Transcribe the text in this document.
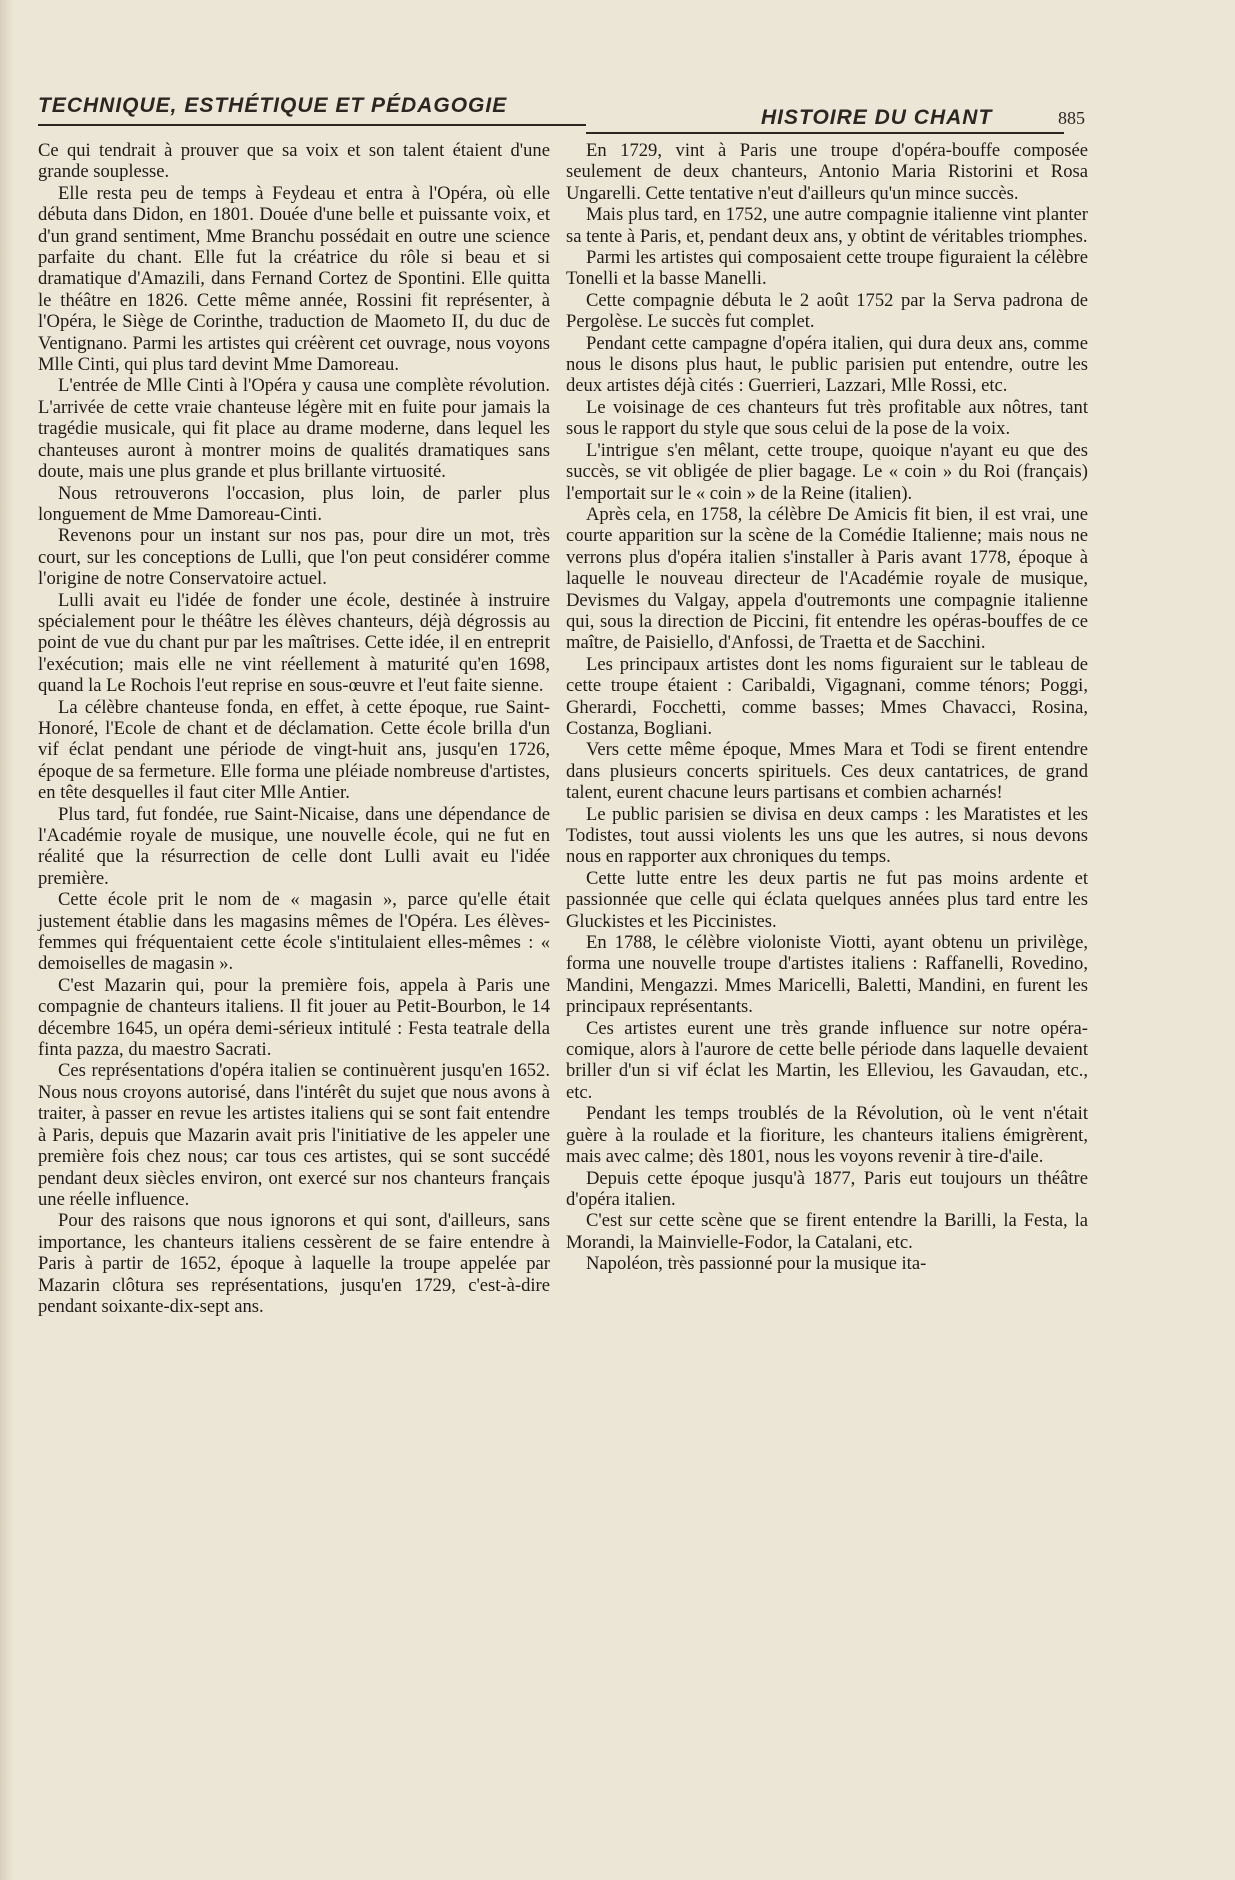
TECHNIQUE, ESTHÉTIQUE ET PÉDAGOGIE
HISTOIRE DU CHANT	885

Ce qui tendrait à prouver que sa voix et son talent étaient d'une grande souplesse.

Elle resta peu de temps à Feydeau et entra à l'Opéra, où elle débuta dans Didon, en 1801. Douée d'une belle et puissante voix, et d'un grand sentiment, Mme Branchu possédait en outre une science parfaite du chant. Elle fut la créatrice du rôle si beau et si dramatique d'Amazili, dans Fernand Cortez de Spontini. Elle quitta le théâtre en 1826. Cette même année, Rossini fit représenter, à l'Opéra, le Siège de Corinthe, traduction de Maometo II, du duc de Ventignano. Parmi les artistes qui créèrent cet ouvrage, nous voyons Mlle Cinti, qui plus tard devint Mme Damoreau.

L'entrée de Mlle Cinti à l'Opéra y causa une complète révolution. L'arrivée de cette vraie chanteuse légère mit en fuite pour jamais la tragédie musicale, qui fit place au drame moderne, dans lequel les chanteuses auront à montrer moins de qualités dramatiques sans doute, mais une plus grande et plus brillante virtuosité.

Nous retrouverons l'occasion, plus loin, de parler plus longuement de Mme Damoreau-Cinti.

Revenons pour un instant sur nos pas, pour dire un mot, très court, sur les conceptions de Lulli, que l'on peut considérer comme l'origine de notre Conservatoire actuel.

Lulli avait eu l'idée de fonder une école, destinée à instruire spécialement pour le théâtre les élèves chanteurs, déjà dégrossis au point de vue du chant pur par les maîtrises. Cette idée, il en entreprit l'exécution; mais elle ne vint réellement à maturité qu'en 1698, quand la Le Rochois l'eut reprise en sous-œuvre et l'eut faite sienne.

La célèbre chanteuse fonda, en effet, à cette époque, rue Saint-Honoré, l'Ecole de chant et de déclamation. Cette école brilla d'un vif éclat pendant une période de vingt-huit ans, jusqu'en 1726, époque de sa fermeture. Elle forma une pléiade nombreuse d'artistes, en tête desquelles il faut citer Mlle Antier.

Plus tard, fut fondée, rue Saint-Nicaise, dans une dépendance de l'Académie royale de musique, une nouvelle école, qui ne fut en réalité que la résurrection de celle dont Lulli avait eu l'idée première.

Cette école prit le nom de « magasin », parce qu'elle était justement établie dans les magasins mêmes de l'Opéra. Les élèves-femmes qui fréquentaient cette école s'intitulaient elles-mêmes : « demoiselles de magasin ».

C'est Mazarin qui, pour la première fois, appela à Paris une compagnie de chanteurs italiens. Il fit jouer au Petit-Bourbon, le 14 décembre 1645, un opéra demi-sérieux intitulé : Festa teatrale della finta pazza, du maestro Sacrati.

Ces représentations d'opéra italien se continuèrent jusqu'en 1652. Nous nous croyons autorisé, dans l'intérêt du sujet que nous avons à traiter, à passer en revue les artistes italiens qui se sont fait entendre à Paris, depuis que Mazarin avait pris l'initiative de les appeler une première fois chez nous; car tous ces artistes, qui se sont succédé pendant deux siècles environ, ont exercé sur nos chanteurs français une réelle influence.

Pour des raisons que nous ignorons et qui sont, d'ailleurs, sans importance, les chanteurs italiens cessèrent de se faire entendre à Paris à partir de 1652, époque à laquelle la troupe appelée par Mazarin clôtura ses représentations, jusqu'en 1729, c'est-à-dire pendant soixante-dix-sept ans.

En 1729, vint à Paris une troupe d'opéra-bouffe composée seulement de deux chanteurs, Antonio Maria Ristorini et Rosa Ungarelli. Cette tentative n'eut d'ailleurs qu'un mince succès.

Mais plus tard, en 1752, une autre compagnie italienne vint planter sa tente à Paris, et, pendant deux ans, y obtint de véritables triomphes.

Parmi les artistes qui composaient cette troupe figuraient la célèbre Tonelli et la basse Manelli.

Cette compagnie débuta le 2 août 1752 par la Serva padrona de Pergolèse. Le succès fut complet.

Pendant cette campagne d'opéra italien, qui dura deux ans, comme nous le disons plus haut, le public parisien put entendre, outre les deux artistes déjà cités : Guerrieri, Lazzari, Mlle Rossi, etc.

Le voisinage de ces chanteurs fut très profitable aux nôtres, tant sous le rapport du style que sous celui de la pose de la voix.

L'intrigue s'en mêlant, cette troupe, quoique n'ayant eu que des succès, se vit obligée de plier bagage. Le « coin » du Roi (français) l'emportait sur le « coin » de la Reine (italien).

Après cela, en 1758, la célèbre De Amicis fit bien, il est vrai, une courte apparition sur la scène de la Comédie Italienne; mais nous ne verrons plus d'opéra italien s'installer à Paris avant 1778, époque à laquelle le nouveau directeur de l'Académie royale de musique, Devismes du Valgay, appela d'outremonts une compagnie italienne qui, sous la direction de Piccini, fit entendre les opéras-bouffes de ce maître, de Paisiello, d'Anfossi, de Traetta et de Sacchini.

Les principaux artistes dont les noms figuraient sur le tableau de cette troupe étaient : Caribaldi, Vigagnani, comme ténors; Poggi, Gherardi, Focchetti, comme basses; Mmes Chavacci, Rosina, Costanza, Bogliani.

Vers cette même époque, Mmes Mara et Todi se firent entendre dans plusieurs concerts spirituels. Ces deux cantatrices, de grand talent, eurent chacune leurs partisans et combien acharnés!

Le public parisien se divisa en deux camps : les Maratistes et les Todistes, tout aussi violents les uns que les autres, si nous devons nous en rapporter aux chroniques du temps.

Cette lutte entre les deux partis ne fut pas moins ardente et passionnée que celle qui éclata quelques années plus tard entre les Gluckistes et les Piccinistes.

En 1788, le célèbre violoniste Viotti, ayant obtenu un privilège, forma une nouvelle troupe d'artistes italiens : Raffanelli, Rovedino, Mandini, Mengazzi. Mmes Maricelli, Baletti, Mandini, en furent les principaux représentants.

Ces artistes eurent une très grande influence sur notre opéra-comique, alors à l'aurore de cette belle période dans laquelle devaient briller d'un si vif éclat les Martin, les Elleviou, les Gavaudan, etc., etc.

Pendant les temps troublés de la Révolution, où le vent n'était guère à la roulade et la fioriture, les chanteurs italiens émigrèrent, mais avec calme; dès 1801, nous les voyons revenir à tire-d'aile.

Depuis cette époque jusqu'à 1877, Paris eut toujours un théâtre d'opéra italien.

C'est sur cette scène que se firent entendre la Barilli, la Festa, la Morandi, la Mainvielle-Fodor, la Catalani, etc.

Napoléon, très passionné pour la musique ita-
